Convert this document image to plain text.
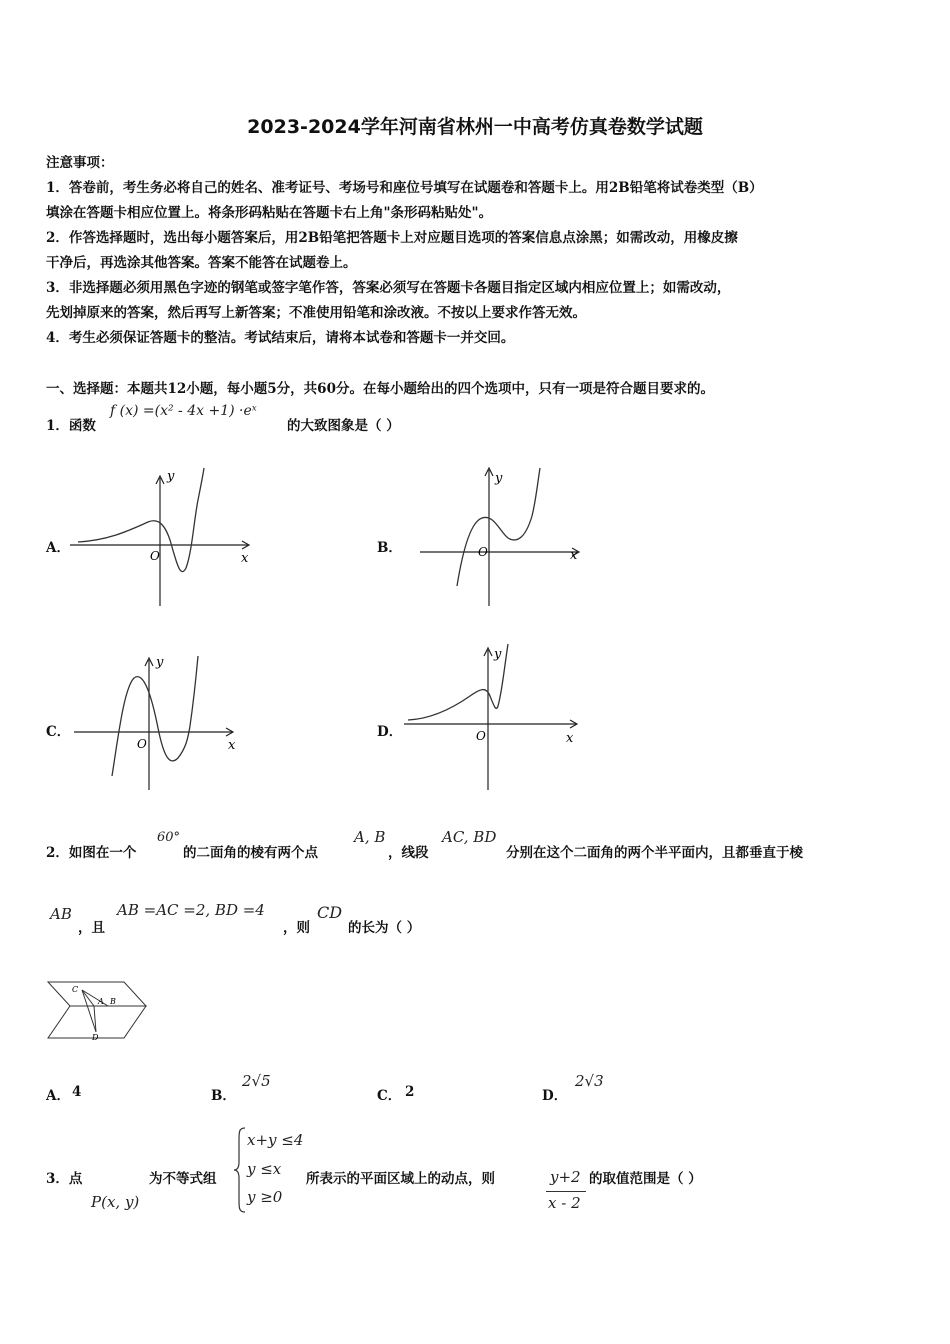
2023-2024学年河南省林州一中高考仿真卷数学试题
注意事项：
1．答卷前，考生务必将自己的姓名、准考证号、考场号和座位号填写在试题卷和答题卡上。用2B铅笔将试卷类型（B）
填涂在答题卡相应位置上。将条形码粘贴在答题卡右上角"条形码粘贴处"。
2．作答选择题时，选出每小题答案后，用2B铅笔把答题卡上对应题目选项的答案信息点涂黑；如需改动，用橡皮擦
干净后，再选涂其他答案。答案不能答在试题卷上。
3．非选择题必须用黑色字迹的钢笔或签字笔作答，答案必须写在答题卡各题目指定区域内相应位置上；如需改动，
先划掉原来的答案，然后再写上新答案；不准使用铅笔和涂改液。不按以上要求作答无效。
4．考生必须保证答题卡的整洁。考试结束后，请将本试卷和答题卡一并交回。
一、选择题：本题共12小题，每小题5分，共60分。在每小题给出的四个选项中，只有一项是符合题目要求的。
1．函数
f (x) =(x² - 4x +1) ·eˣ
的大致图象是（ ）
A．	B．
C．	D．
O	x
y
O	x
y
O	x
y
O	x
y
2．如图在一个
60°
的二面角的棱有两个点
A, B
，线段
AC, BD
分别在这个二面角的两个半平面内，且都垂直于棱
AB
，且
AB =AC =2, BD =4
，则
CD
的长为（ ）
C
A B
D
A． 4	B．
2√5
C． 2	D．
2√3
3．点
P(x, y)
为不等式组
x+y ≤4
y ≤x
y ≥0
所表示的平面区域上的动点，则	y+2
x - 2
的取值范围是（ ）
